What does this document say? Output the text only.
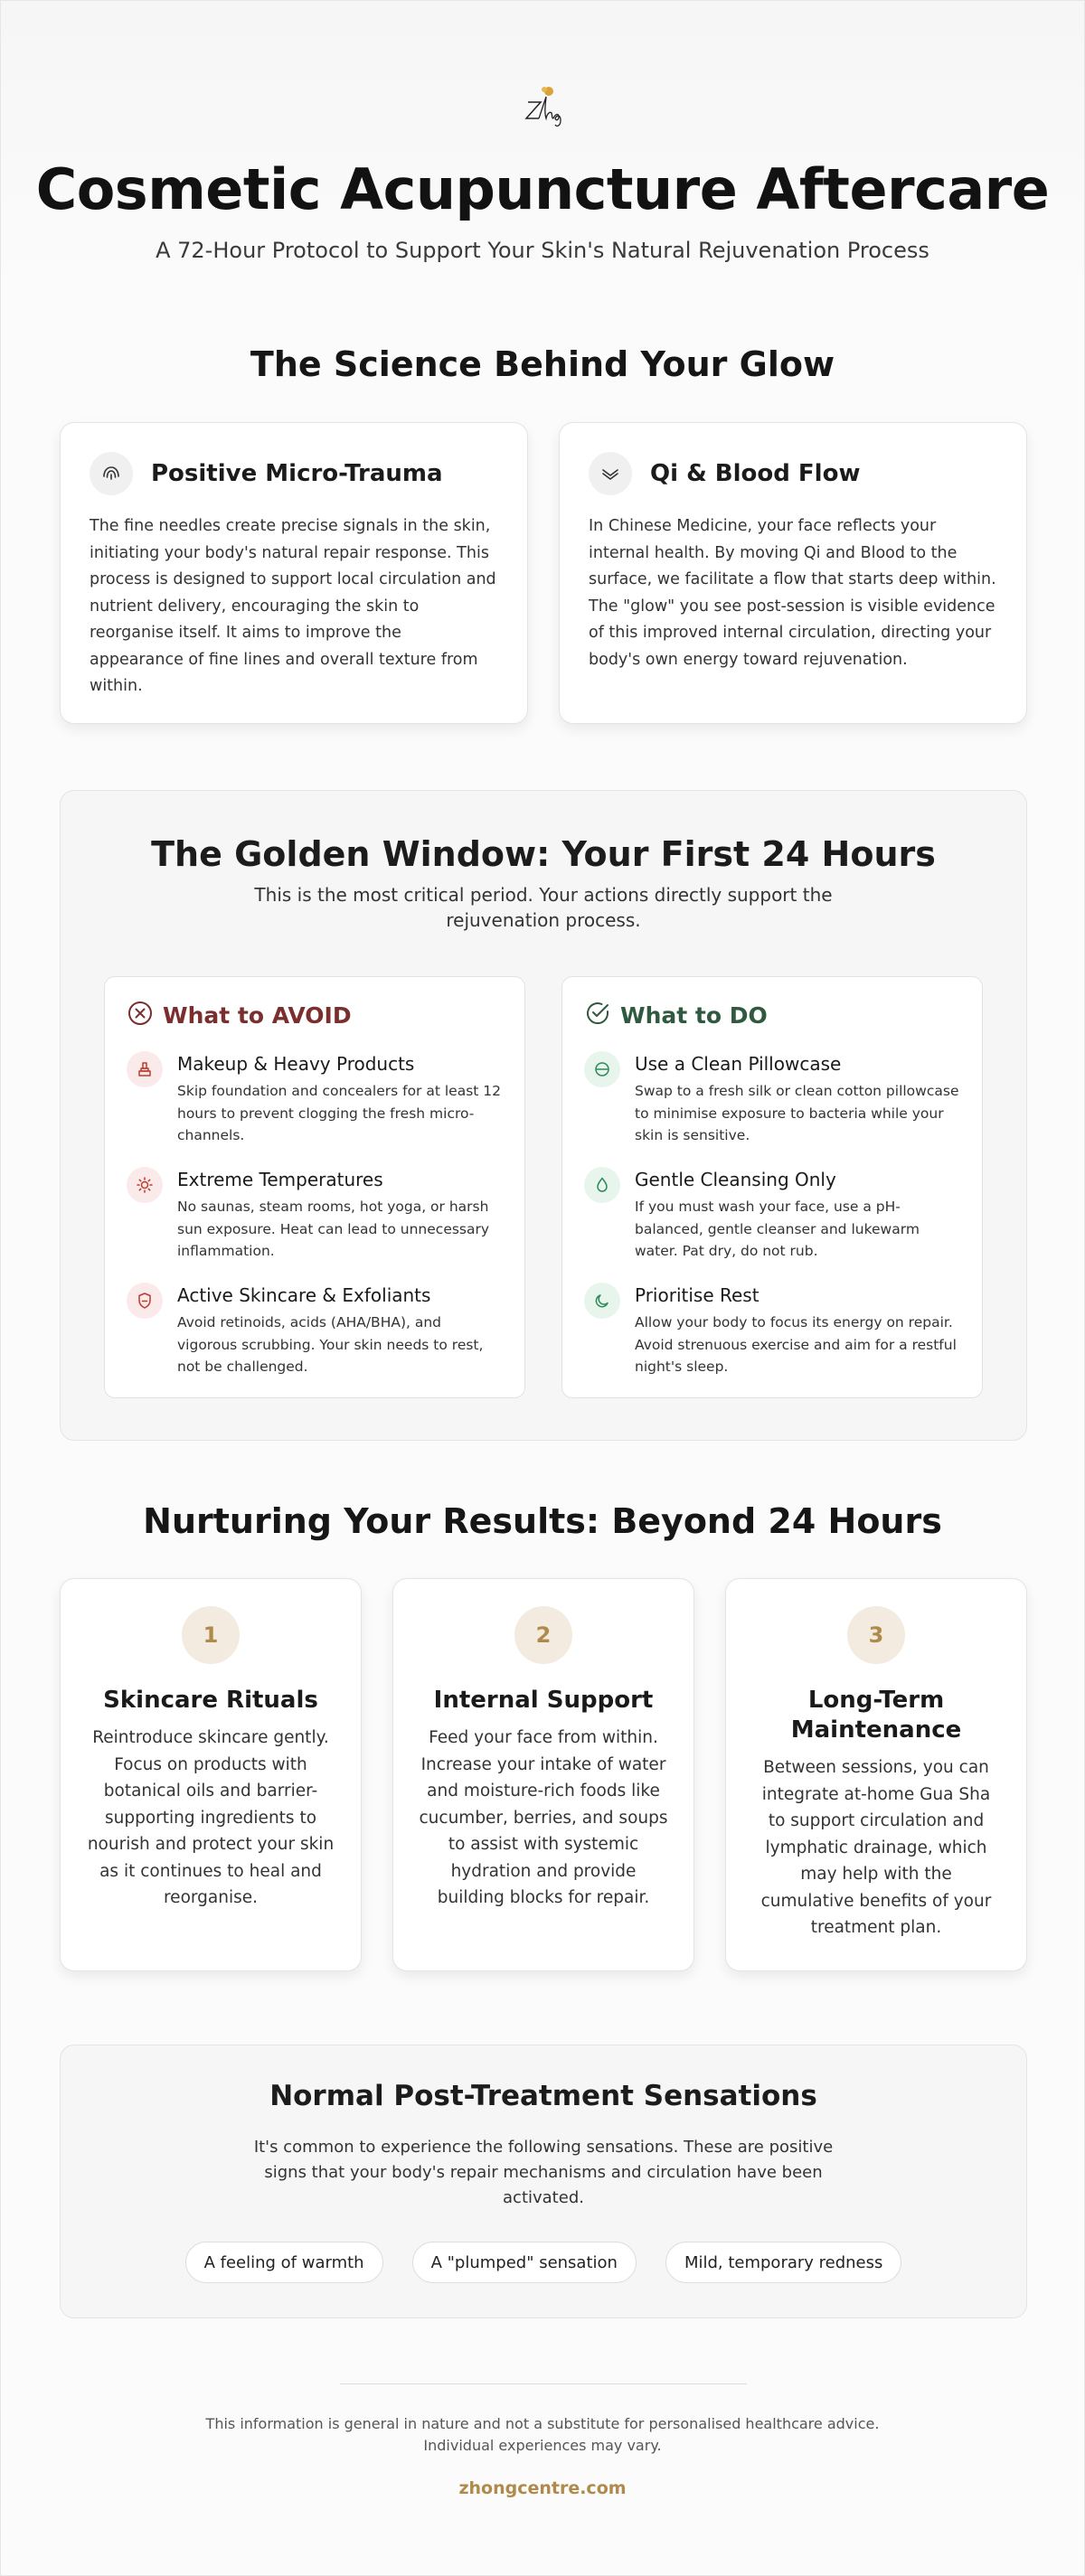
Cosmetic Acupuncture Aftercare
A 72-Hour Protocol to Support Your Skin's Natural Rejuvenation Process
The Science Behind Your Glow
Positive Micro-Trauma

The fine needles create precise signals in the skin, initiating your body's natural repair response. This process is designed to support local circulation and nutrient delivery, encouraging the skin to reorganise itself. It aims to improve the appearance of fine lines and overall texture from within.

Qi & Blood Flow

In Chinese Medicine, your face reflects your internal health. By moving Qi and Blood to the surface, we facilitate a flow that starts deep within. The "glow" you see post-session is visible evidence of this improved internal circulation, directing your body's own energy toward rejuvenation.

The Golden Window: Your First 24 Hours
This is the most critical period. Your actions directly support the rejuvenation process.
What to AVOID
Makeup & Heavy Products

Skip foundation and concealers for at least 12 hours to prevent clogging the fresh micro-channels.

Extreme Temperatures

No saunas, steam rooms, hot yoga, or harsh sun exposure. Heat can lead to unnecessary inflammation.

Active Skincare & Exfoliants

Avoid retinoids, acids (AHA/BHA), and vigorous scrubbing. Your skin needs to rest, not be challenged.

What to DO
Use a Clean Pillowcase

Swap to a fresh silk or clean cotton pillowcase to minimise exposure to bacteria while your skin is sensitive.

Gentle Cleansing Only

If you must wash your face, use a pH-balanced, gentle cleanser and lukewarm water. Pat dry, do not rub.

Prioritise Rest

Allow your body to focus its energy on repair. Avoid strenuous exercise and aim for a restful night's sleep.

Nurturing Your Results: Beyond 24 Hours
1
Skincare Rituals

Reintroduce skincare gently. Focus on products with botanical oils and barrier-supporting ingredients to nourish and protect your skin as it continues to heal and reorganise.

2
Internal Support

Feed your face from within. Increase your intake of water and moisture-rich foods like cucumber, berries, and soups to assist with systemic hydration and provide building blocks for repair.

3
Long-Term Maintenance

Between sessions, you can integrate at-home Gua Sha to support circulation and lymphatic drainage, which may help with the cumulative benefits of your treatment plan.

Normal Post-Treatment Sensations

It's common to experience the following sensations. These are positive signs that your body's repair mechanisms and circulation have been activated.

A feeling of warmth	A "plumped" sensation	Mild, temporary redness
This information is general in nature and not a substitute for personalised healthcare advice. Individual experiences may vary.
zhongcentre.com
